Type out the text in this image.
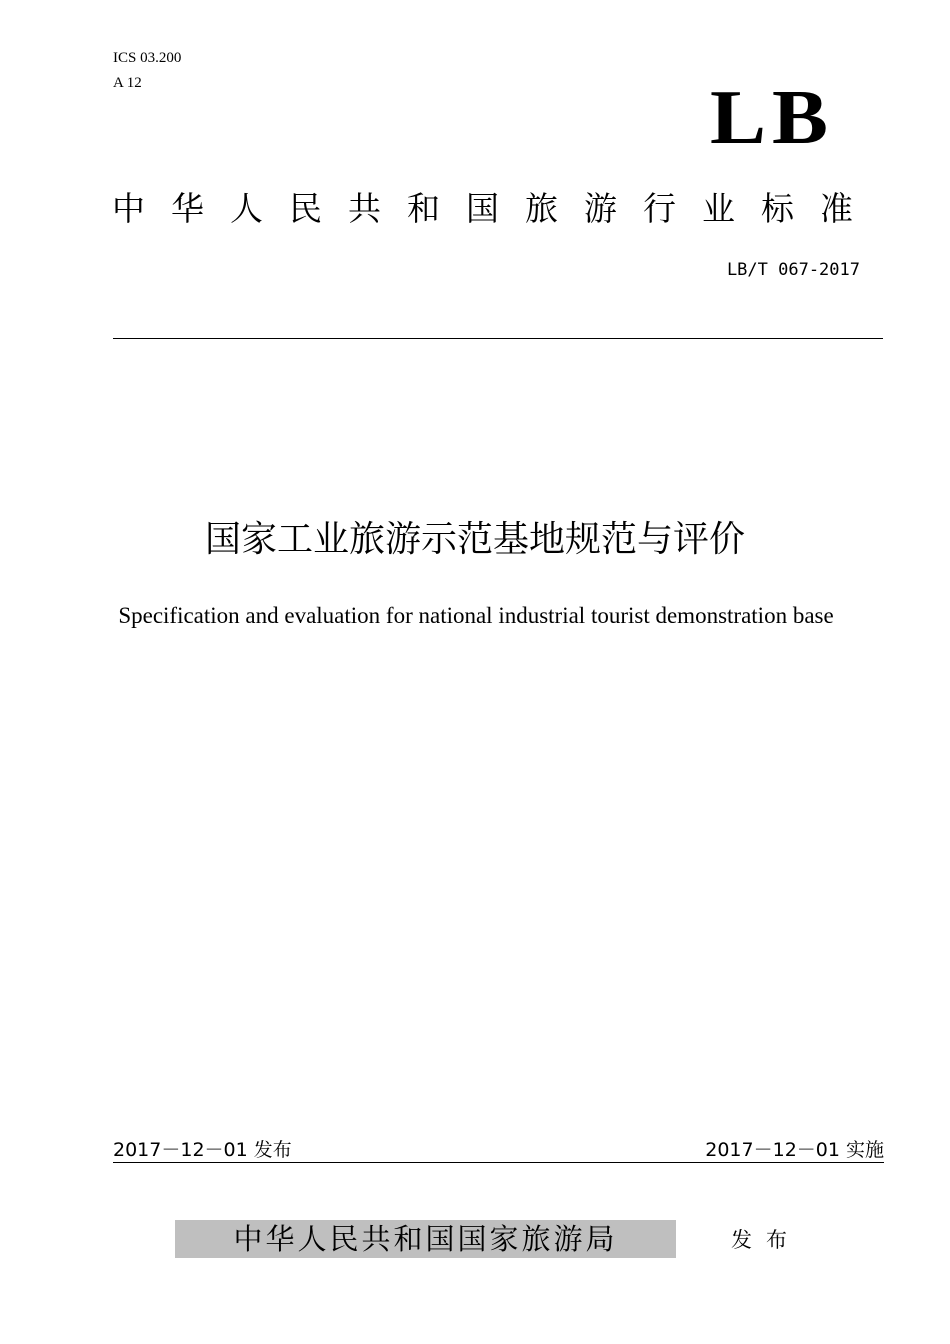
ICS 03.200
A 12	LB
中华人民共和国旅游行业标准
LB/T 067-2017
国家工业旅游示范基地规范与评价
Specification and evaluation for national industrial tourist demonstration base
2017－12－01 发布	2017－12－01 实施
中华人民共和国国家旅游局	发布
